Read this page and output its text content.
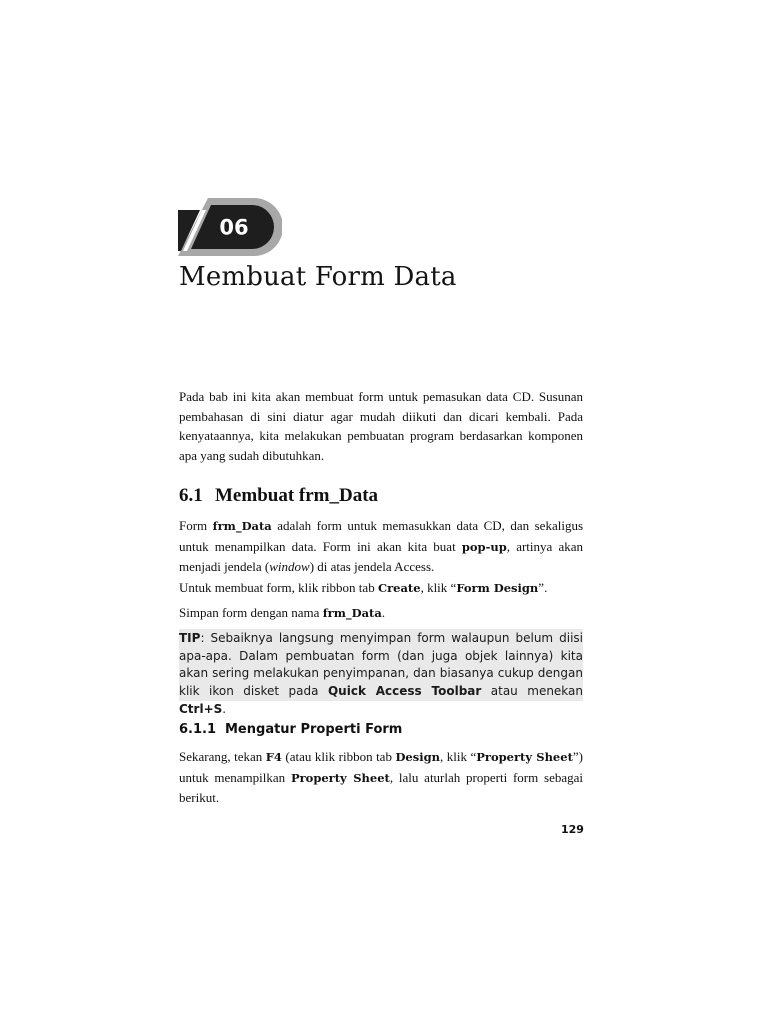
06
Membuat Form Data

Pada bab ini kita akan membuat form untuk pemasukan data CD. Susunan pembahasan di sini diatur agar mudah diikuti dan dicari kembali. Pada kenyataannya, kita melakukan pembuatan program berdasarkan komponen apa yang sudah dibutuhkan.

6.1 Membuat frm_Data

Form frm_Data adalah form untuk memasukkan data CD, dan sekaligus untuk menampilkan data. Form ini akan kita buat pop-up, artinya akan menjadi jendela (window) di atas jendela Access.

Untuk membuat form, klik ribbon tab Create, klik “Form Design”.

Simpan form dengan nama frm_Data.

TIP: Sebaiknya langsung menyimpan form walaupun belum diisi apa-apa. Dalam pembuatan form (dan juga objek lainnya) kita akan sering melakukan penyimpanan, dan biasanya cukup dengan klik ikon disket pada Quick Access Toolbar atau menekan Ctrl+S.

6.1.1 Mengatur Properti Form

Sekarang, tekan F4 (atau klik ribbon tab Design, klik “Property Sheet”) untuk menampilkan Property Sheet, lalu aturlah properti form sebagai berikut.

129
